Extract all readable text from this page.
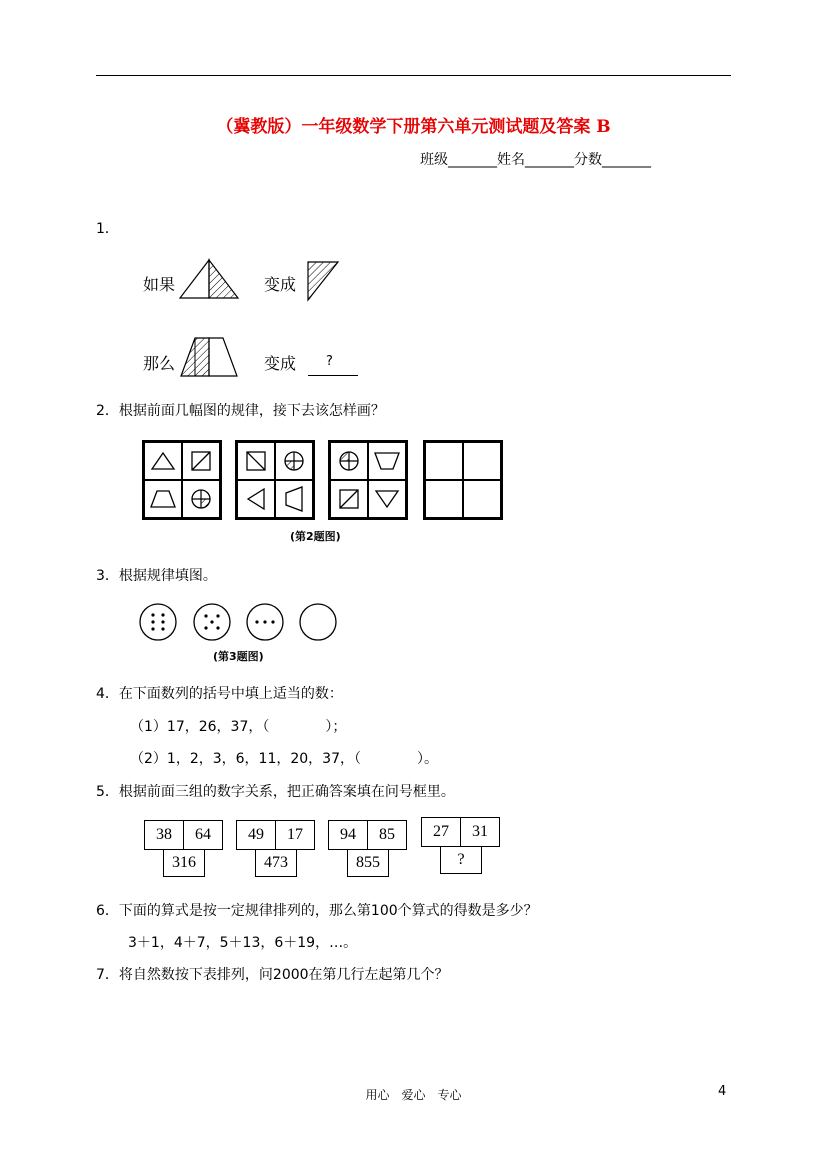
（冀教版）一年级数学下册第六单元测试题及答案 B
班级_______姓名_______分数_______
1．
如果	变成
那么	变成 ?
2．根据前面几幅图的规律，接下去该怎样画？
(第2题图)
3．根据规律填图。
(第3题图)
4．在下面数列的括号中填上适当的数：
（1）17，26，37，（　　　　）；
（2）1，2，3，6，11，20，37，（　　　　）。
5．根据前面三组的数字关系，把正确答案填在问号框里。
38	64
316
49	17
473
94	85
855
27	31
?
6．下面的算式是按一定规律排列的，那么第100个算式的得数是多少？
3＋1，4＋7，5＋13，6＋19，…。
7．将自然数按下表排列，问2000在第几行左起第几个？
用心　爱心　专心	4
